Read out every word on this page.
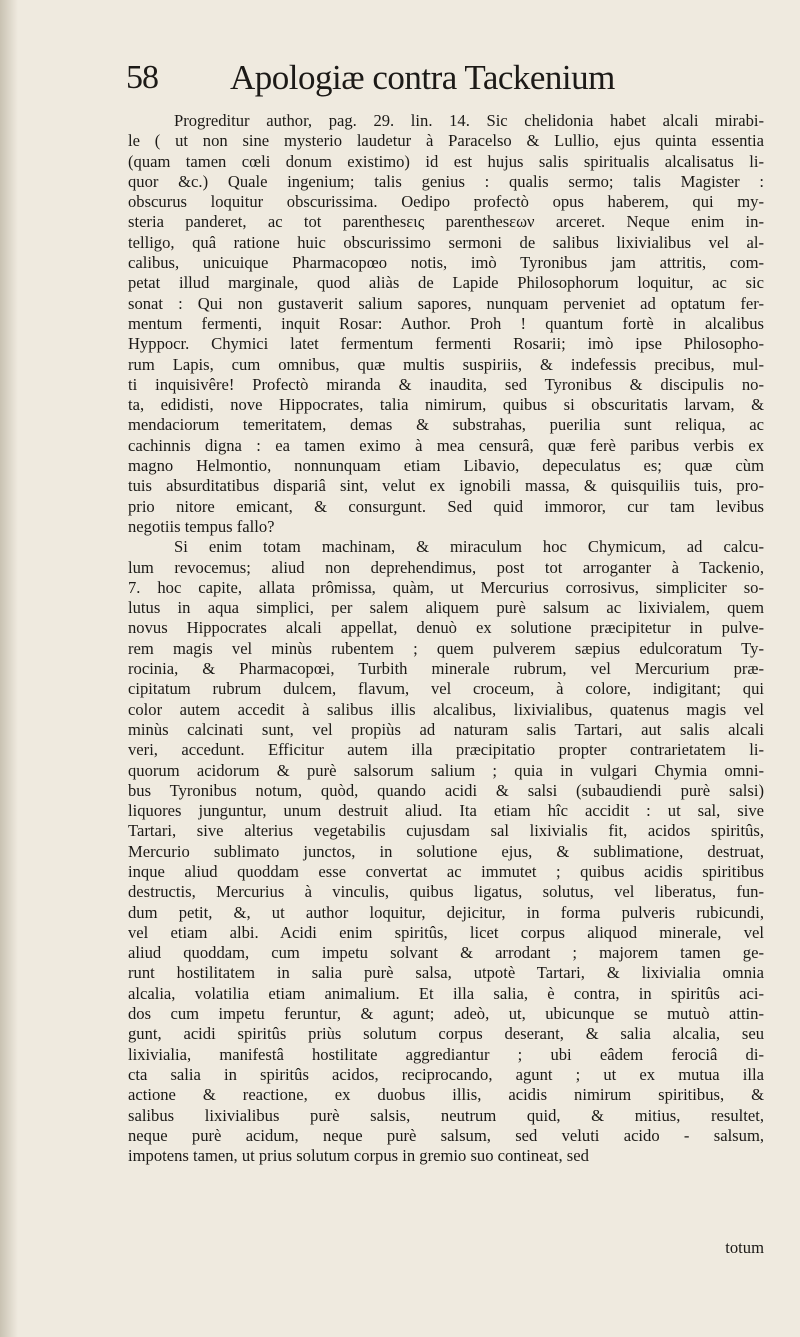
58 Apologiæ contra Tackenium
Progreditur author, pag. 29. lin. 14. Sic chelidonia habet alcali mirabi-
le ( ut non sine mysterio laudetur à Paracelso & Lullio, ejus quinta essentia
(quam tamen cœli donum existimo) id est hujus salis spiritualis alcalisatus li-
quor &c.) Quale ingenium; talis genius : qualis sermo; talis Magister :
obscurus loquitur obscurissima. Oedipo profectò opus haberem, qui my-
steria panderet, ac tot parenthesεις parenthesεων arceret. Neque enim in-
telligo, quâ ratione huic obscurissimo sermoni de salibus lixivialibus vel al-
calibus, unicuique Pharmacopœo notis, imò Tyronibus jam attritis, com-
petat illud marginale, quod aliàs de Lapide Philosophorum loquitur, ac sic
sonat : Qui non gustaverit salium sapores, nunquam perveniet ad optatum fer-
mentum fermenti, inquit Rosar: Author. Proh ! quantum fortè in alcalibus
Hyppocr. Chymici latet fermentum fermenti Rosarii; imò ipse Philosopho-
rum Lapis, cum omnibus, quæ multis suspiriis, & indefessis precibus, mul-
ti inquisivêre! Profectò miranda & inaudita, sed Tyronibus & discipulis no-
ta, edidisti, nove Hippocrates, talia nimirum, quibus si obscuritatis larvam, &
mendaciorum temeritatem, demas & substrahas, puerilia sunt reliqua, ac
cachinnis digna : ea tamen eximo à mea censurâ, quæ ferè paribus verbis ex
magno Helmontio, nonnunquam etiam Libavio, depeculatus es; quæ cùm
tuis absurditatibus dispariâ sint, velut ex ignobili massa, & quisquiliis tuis, pro-
prio nitore emicant, & consurgunt. Sed quid immoror, cur tam levibus
negotiis tempus fallo?
Si enim totam machinam, & miraculum hoc Chymicum, ad calcu-
lum revocemus; aliud non deprehendimus, post tot arroganter à Tackenio,
7. hoc capite, allata prômissa, quàm, ut Mercurius corrosivus, simpliciter so-
lutus in aqua simplici, per salem aliquem purè salsum ac lixivialem, quem
novus Hippocrates alcali appellat, denuò ex solutione præcipitetur in pulve-
rem magis vel minùs rubentem ; quem pulverem sæpius edulcoratum Ty-
rocinia, & Pharmacopœi, Turbith minerale rubrum, vel Mercurium præ-
cipitatum rubrum dulcem, flavum, vel croceum, à colore, indigitant; qui
color autem accedit à salibus illis alcalibus, lixivialibus, quatenus magis vel
minùs calcinati sunt, vel propiùs ad naturam salis Tartari, aut salis alcali
veri, accedunt. Efficitur autem illa præcipitatio propter contrarietatem li-
quorum acidorum & purè salsorum salium ; quia in vulgari Chymia omni-
bus Tyronibus notum, quòd, quando acidi & salsi (subaudiendi purè salsi)
liquores junguntur, unum destruit aliud. Ita etiam hîc accidit : ut sal, sive
Tartari, sive alterius vegetabilis cujusdam sal lixivialis fit, acidos spiritûs,
Mercurio sublimato junctos, in solutione ejus, & sublimatione, destruat,
inque aliud quoddam esse convertat ac immutet ; quibus acidis spiritibus
destructis, Mercurius à vinculis, quibus ligatus, solutus, vel liberatus, fun-
dum petit, &, ut author loquitur, dejicitur, in forma pulveris rubicundi,
vel etiam albi. Acidi enim spiritûs, licet corpus aliquod minerale, vel
aliud quoddam, cum impetu solvant & arrodant ; majorem tamen ge-
runt hostilitatem in salia purè salsa, utpotè Tartari, & lixivialia omnia
alcalia, volatilia etiam animalium. Et illa salia, è contra, in spiritûs aci-
dos cum impetu feruntur, & agunt; adeò, ut, ubicunque se mutuò attin-
gunt, acidi spiritûs priùs solutum corpus deserant, & salia alcalia, seu
lixivialia, manifestâ hostilitate aggrediantur ; ubi eâdem ferociâ di-
cta salia in spiritûs acidos, reciprocando, agunt ; ut ex mutua illa
actione & reactione, ex duobus illis, acidis nimirum spiritibus, &
salibus lixivialibus purè salsis, neutrum quid, & mitius, resultet,
neque purè acidum, neque purè salsum, sed veluti acido - salsum,
impotens tamen, ut prius solutum corpus in gremio suo contineat, sed
totum
